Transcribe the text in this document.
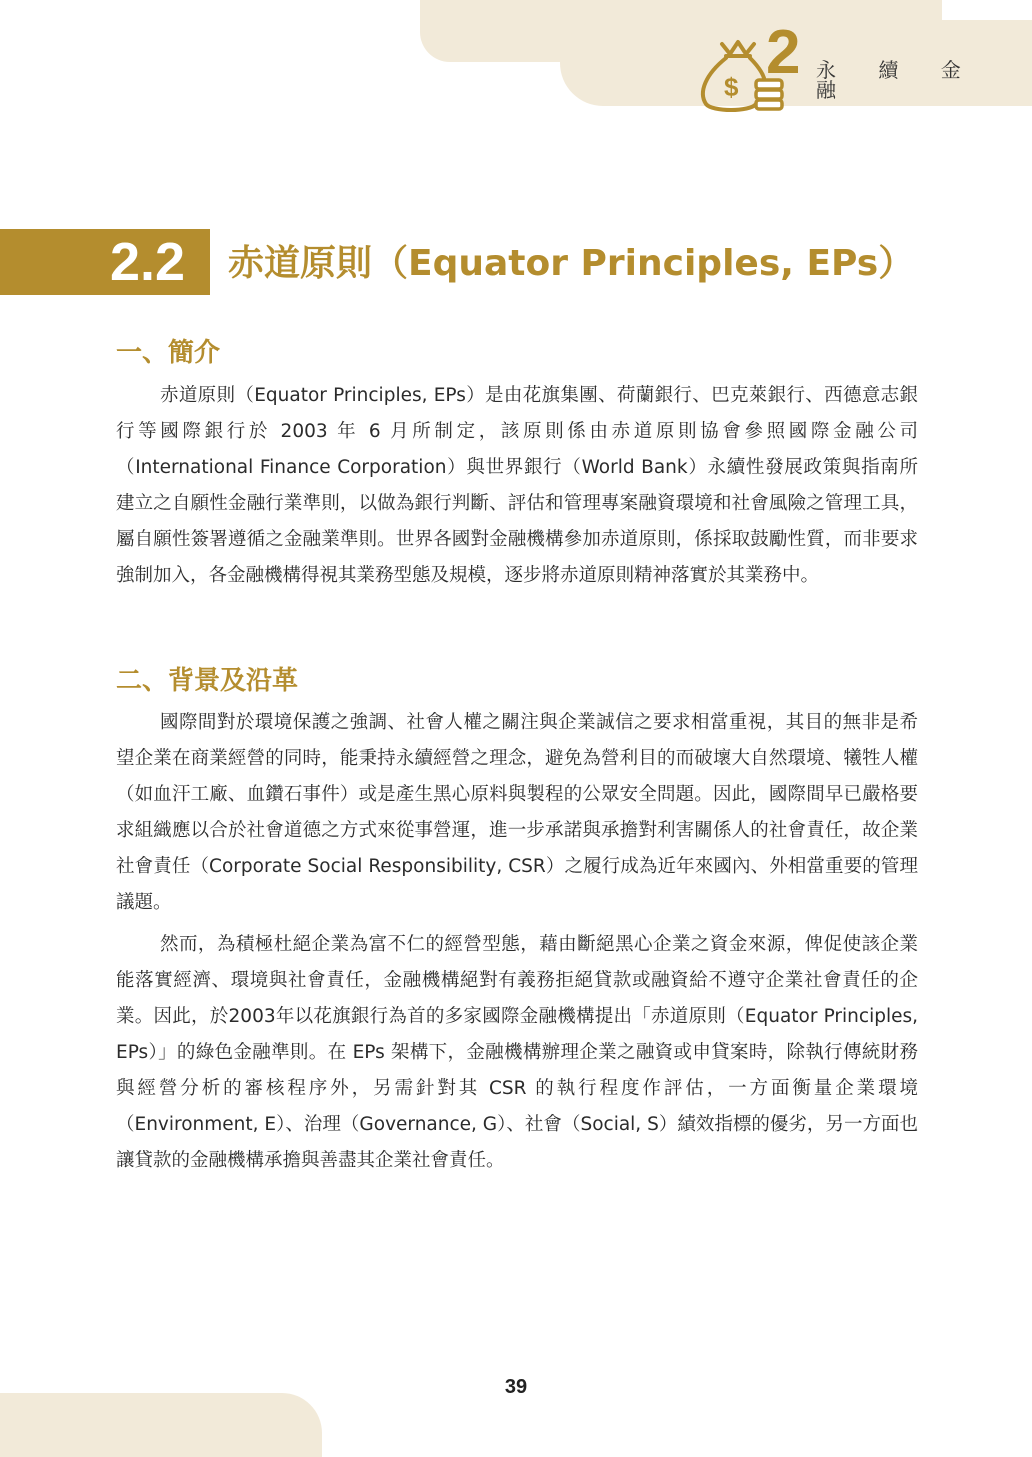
$ 2 永 續 金 融
2.2 赤道原則（Equator Principles, EPs）
一、簡介

赤道原則（Equator Principles, EPs）是由花旗集團、荷蘭銀行、巴克萊銀行、西德意志銀行等國際銀行於 2003 年 6 月所制定，該原則係由赤道原則協會參照國際金融公司（International Finance Corporation）與世界銀行（World Bank）永續性發展政策與指南所建立之自願性金融行業準則，以做為銀行判斷、評估和管理專案融資環境和社會風險之管理工具，屬自願性簽署遵循之金融業準則。世界各國對金融機構參加赤道原則，係採取鼓勵性質，而非要求強制加入，各金融機構得視其業務型態及規模，逐步將赤道原則精神落實於其業務中。

二、背景及沿革

國際間對於環境保護之強調、社會人權之關注與企業誠信之要求相當重視，其目的無非是希望企業在商業經營的同時，能秉持永續經營之理念，避免為營利目的而破壞大自然環境、犧牲人權（如血汗工廠、血鑽石事件）或是產生黑心原料與製程的公眾安全問題。因此，國際間早已嚴格要求組織應以合於社會道德之方式來從事營運，進一步承諾與承擔對利害關係人的社會責任，故企業社會責任（Corporate Social Responsibility, CSR）之履行成為近年來國內、外相當重要的管理議題。

然而，為積極杜絕企業為富不仁的經營型態，藉由斷絕黑心企業之資金來源，俾促使該企業能落實經濟、環境與社會責任，金融機構絕對有義務拒絕貸款或融資給不遵守企業社會責任的企業。因此，於2003年以花旗銀行為首的多家國際金融機構提出「赤道原則（Equator Principles, EPs）」的綠色金融準則。在 EPs 架構下，金融機構辦理企業之融資或申貸案時，除執行傳統財務與經營分析的審核程序外，另需針對其 CSR 的執行程度作評估，一方面衡量企業環境（Environment, E）、治理（Governance, G）、社會（Social, S）績效指標的優劣，另一方面也讓貸款的金融機構承擔與善盡其企業社會責任。

39
